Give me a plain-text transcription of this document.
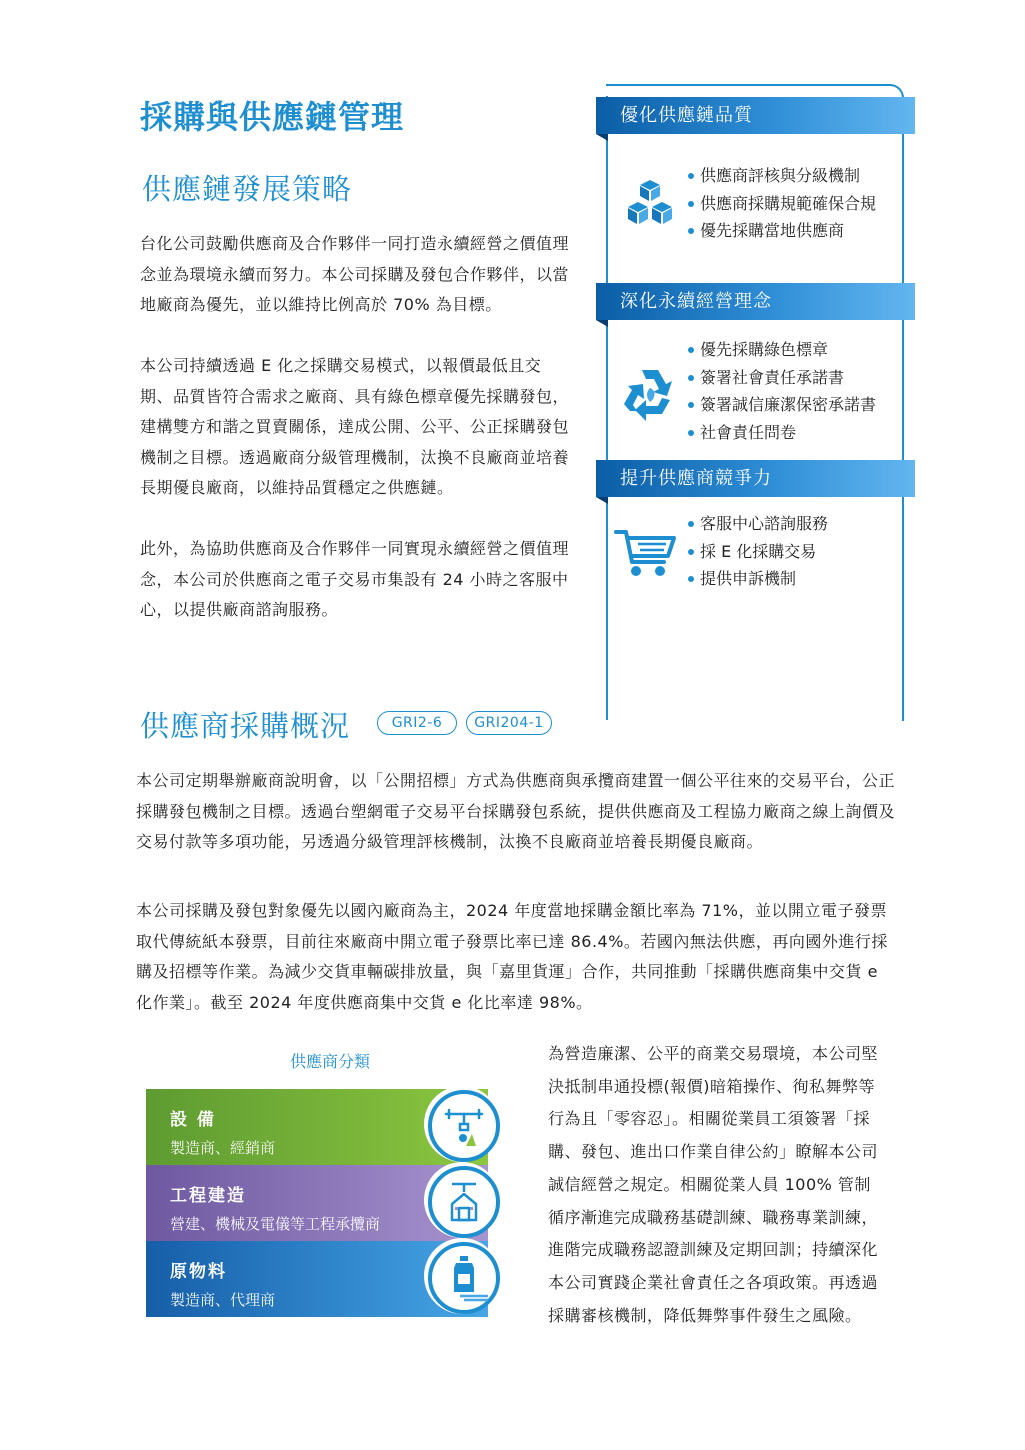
採購與供應鏈管理
供應鏈發展策略
台化公司鼓勵供應商及合作夥伴一同打造永續經營之價值理念並為環境永續而努力。本公司採購及發包合作夥伴，以當地廠商為優先，並以維持比例高於 70% 為目標。
本公司持續透過 E 化之採購交易模式，以報價最低且交期、品質皆符合需求之廠商、具有綠色標章優先採購發包，建構雙方和諧之買賣關係，達成公開、公平、公正採購發包機制之目標。透過廠商分級管理機制，汰換不良廠商並培養長期優良廠商，以維持品質穩定之供應鏈。
此外，為協助供應商及合作夥伴一同實現永續經營之價值理念，本公司於供應商之電子交易市集設有 24 小時之客服中心，以提供廠商諮詢服務。
優化供應鏈品質
供應商評核與分級機制
供應商採購規範確保合規
優先採購當地供應商
深化永續經營理念
優先採購綠色標章
簽署社會責任承諾書
簽署誠信廉潔保密承諾書
社會責任問卷
提升供應商競爭力
客服中心諮詢服務
採 E 化採購交易
提供申訴機制
供應商採購概況	GRI2-6	GRI204-1
本公司定期舉辦廠商說明會，以「公開招標」方式為供應商與承攬商建置一個公平往來的交易平台，公正採購發包機制之目標。透過台塑網電子交易平台採購發包系統，提供供應商及工程協力廠商之線上詢價及交易付款等多項功能，另透過分級管理評核機制，汰換不良廠商並培養長期優良廠商。
本公司採購及發包對象優先以國內廠商為主，2024 年度當地採購金額比率為 71%，並以開立電子發票取代傳統紙本發票，目前往來廠商中開立電子發票比率已達 86.4%。若國內無法供應，再向國外進行採購及招標等作業。為減少交貨車輛碳排放量，與「嘉里貨運」合作，共同推動「採購供應商集中交貨 e 化作業」。截至 2024 年度供應商集中交貨 e 化比率達 98%。
為營造廉潔、公平的商業交易環境，本公司堅決抵制串通投標(報價)暗箱操作、徇私舞弊等行為且「零容忍」。相關從業員工須簽署「採購、發包、進出口作業自律公約」瞭解本公司誠信經營之規定。相關從業人員 100% 管制循序漸進完成職務基礎訓練、職務專業訓練，進階完成職務認證訓練及定期回訓；持續深化本公司實踐企業社會責任之各項政策。再透過採購審核機制，降低舞弊事件發生之風險。
供應商分類
設 備
製造商、經銷商
工程建造
營建、機械及電儀等工程承攬商
原物料
製造商、代理商
